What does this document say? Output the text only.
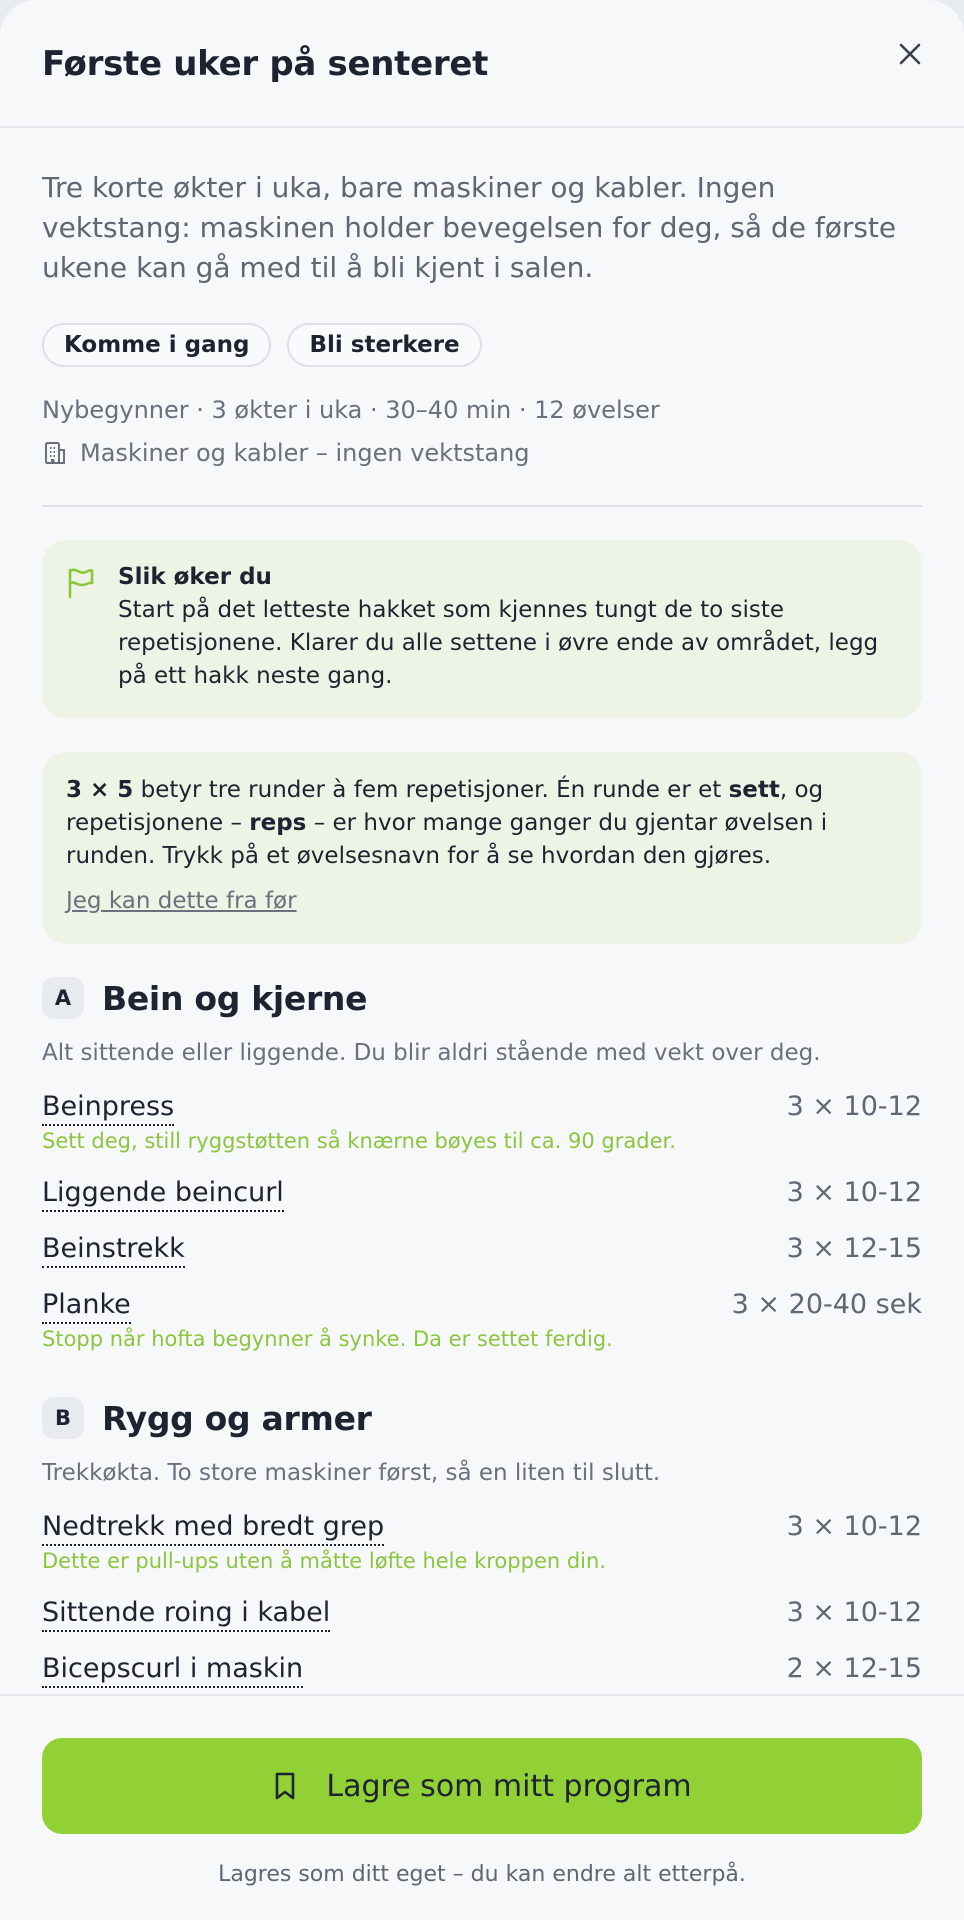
Første uker på senteret
Tre korte økter i uka, bare maskiner og kabler. Ingen vektstang: maskinen holder bevegelsen for deg, så de første ukene kan gå med til å bli kjent i salen.
Komme i gang	Bli sterkere
Nybegynner · 3 økter i uka · 30–40 min · 12 øvelser
Maskiner og kabler – ingen vektstang
Slik øker du
Start på det letteste hakket som kjennes tungt de to siste repetisjonene. Klarer du alle settene i øvre ende av området, legg på ett hakk neste gang.
3 × 5 betyr tre runder à fem repetisjoner. Én runde er et sett, og repetisjonene – reps – er hvor mange ganger du gjentar øvelsen i runden. Trykk på et øvelsesnavn for å se hvordan den gjøres.
Jeg kan dette fra før
A Bein og kjerne
Alt sittende eller liggende. Du blir aldri stående med vekt over deg.
Beinpress	3 × 10-12
Sett deg, still ryggstøtten så knærne bøyes til ca. 90 grader.
Liggende beincurl	3 × 10-12
Beinstrekk	3 × 12-15
Planke	3 × 20-40 sek
Stopp når hofta begynner å synke. Da er settet ferdig.
B Rygg og armer
Trekkøkta. To store maskiner først, så en liten til slutt.
Nedtrekk med bredt grep	3 × 10-12
Dette er pull-ups uten å måtte løfte hele kroppen din.
Sittende roing i kabel	3 × 10-12
Bicepscurl i maskin	2 × 12-15
Lagre som mitt program
Lagres som ditt eget – du kan endre alt etterpå.
